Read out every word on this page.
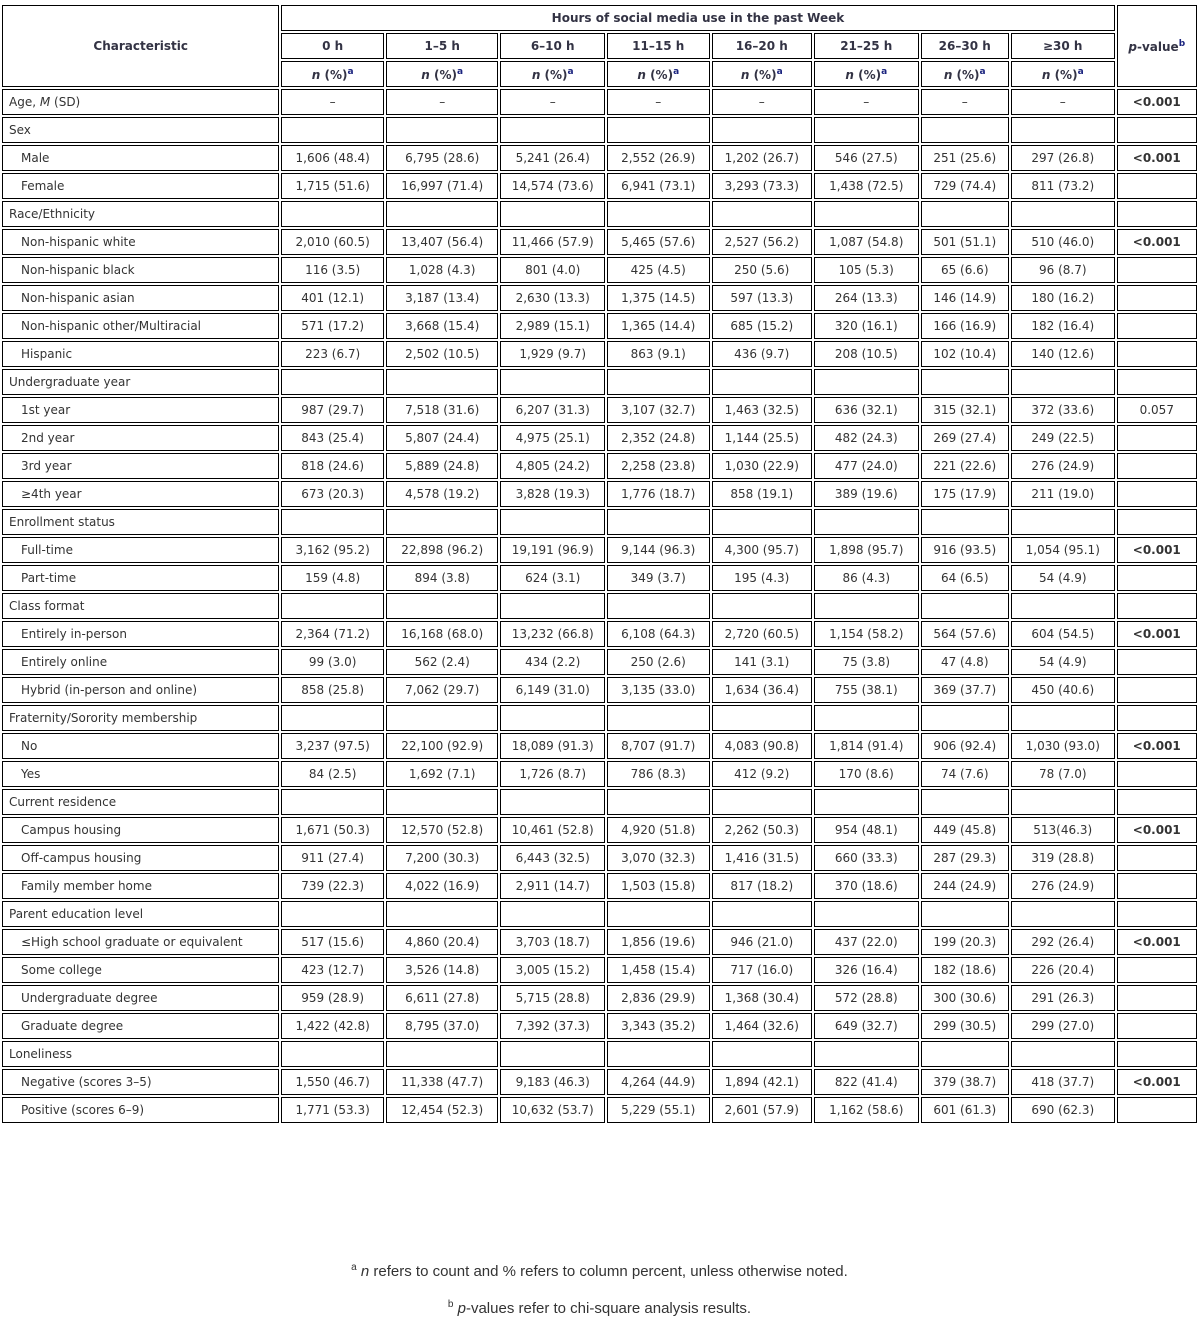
Characteristic	Hours of social media use in the past Week								p-value$^b$
	0 h	1–5 h	6–10 h	11–15 h	16–20 h	21–25 h	26–30 h	≥30 h	
	n (%)$^a$	n (%)$^a$	n (%)$^a$	n (%)$^a$	n (%)$^a$	n (%)$^a$	n (%)$^a$	n (%)$^a$
Age, M (SD)	–	–	–	–	–	–	–	–	<0.001
Sex									
Male	1,606 (48.4)	6,795 (28.6)	5,241 (26.4)	2,552 (26.9)	1,202 (26.7)	546 (27.5)	251 (25.6)	297 (26.8)	<0.001
Female	1,715 (51.6)	16,997 (71.4)	14,574 (73.6)	6,941 (73.1)	3,293 (73.3)	1,438 (72.5)	729 (74.4)	811 (73.2)	
Race/Ethnicity									
Non-hispanic white	2,010 (60.5)	13,407 (56.4)	11,466 (57.9)	5,465 (57.6)	2,527 (56.2)	1,087 (54.8)	501 (51.1)	510 (46.0)	<0.001
Non-hispanic black	116 (3.5)	1,028 (4.3)	801 (4.0)	425 (4.5)	250 (5.6)	105 (5.3)	65 (6.6)	96 (8.7)	
Non-hispanic asian	401 (12.1)	3,187 (13.4)	2,630 (13.3)	1,375 (14.5)	597 (13.3)	264 (13.3)	146 (14.9)	180 (16.2)	
Non-hispanic other/Multiracial	571 (17.2)	3,668 (15.4)	2,989 (15.1)	1,365 (14.4)	685 (15.2)	320 (16.1)	166 (16.9)	182 (16.4)	
Hispanic	223 (6.7)	2,502 (10.5)	1,929 (9.7)	863 (9.1)	436 (9.7)	208 (10.5)	102 (10.4)	140 (12.6)	
Undergraduate year									
1st year	987 (29.7)	7,518 (31.6)	6,207 (31.3)	3,107 (32.7)	1,463 (32.5)	636 (32.1)	315 (32.1)	372 (33.6)	0.057
2nd year	843 (25.4)	5,807 (24.4)	4,975 (25.1)	2,352 (24.8)	1,144 (25.5)	482 (24.3)	269 (27.4)	249 (22.5)	
3rd year	818 (24.6)	5,889 (24.8)	4,805 (24.2)	2,258 (23.8)	1,030 (22.9)	477 (24.0)	221 (22.6)	276 (24.9)	
≥4th year	673 (20.3)	4,578 (19.2)	3,828 (19.3)	1,776 (18.7)	858 (19.1)	389 (19.6)	175 (17.9)	211 (19.0)	
Enrollment status									
Full-time	3,162 (95.2)	22,898 (96.2)	19,191 (96.9)	9,144 (96.3)	4,300 (95.7)	1,898 (95.7)	916 (93.5)	1,054 (95.1)	<0.001
Part-time	159 (4.8)	894 (3.8)	624 (3.1)	349 (3.7)	195 (4.3)	86 (4.3)	64 (6.5)	54 (4.9)	
Class format									
Entirely in-person	2,364 (71.2)	16,168 (68.0)	13,232 (66.8)	6,108 (64.3)	2,720 (60.5)	1,154 (58.2)	564 (57.6)	604 (54.5)	<0.001
Entirely online	99 (3.0)	562 (2.4)	434 (2.2)	250 (2.6)	141 (3.1)	75 (3.8)	47 (4.8)	54 (4.9)	
Hybrid (in-person and online)	858 (25.8)	7,062 (29.7)	6,149 (31.0)	3,135 (33.0)	1,634 (36.4)	755 (38.1)	369 (37.7)	450 (40.6)	
Fraternity/Sorority membership									
No	3,237 (97.5)	22,100 (92.9)	18,089 (91.3)	8,707 (91.7)	4,083 (90.8)	1,814 (91.4)	906 (92.4)	1,030 (93.0)	<0.001
Yes	84 (2.5)	1,692 (7.1)	1,726 (8.7)	786 (8.3)	412 (9.2)	170 (8.6)	74 (7.6)	78 (7.0)	
Current residence									
Campus housing	1,671 (50.3)	12,570 (52.8)	10,461 (52.8)	4,920 (51.8)	2,262 (50.3)	954 (48.1)	449 (45.8)	513(46.3)	<0.001
Off-campus housing	911 (27.4)	7,200 (30.3)	6,443 (32.5)	3,070 (32.3)	1,416 (31.5)	660 (33.3)	287 (29.3)	319 (28.8)	
Family member home	739 (22.3)	4,022 (16.9)	2,911 (14.7)	1,503 (15.8)	817 (18.2)	370 (18.6)	244 (24.9)	276 (24.9)	
Parent education level									
≤High school graduate or equivalent	517 (15.6)	4,860 (20.4)	3,703 (18.7)	1,856 (19.6)	946 (21.0)	437 (22.0)	199 (20.3)	292 (26.4)	<0.001
Some college	423 (12.7)	3,526 (14.8)	3,005 (15.2)	1,458 (15.4)	717 (16.0)	326 (16.4)	182 (18.6)	226 (20.4)	
Undergraduate degree	959 (28.9)	6,611 (27.8)	5,715 (28.8)	2,836 (29.9)	1,368 (30.4)	572 (28.8)	300 (30.6)	291 (26.3)	
Graduate degree	1,422 (42.8)	8,795 (37.0)	7,392 (37.3)	3,343 (35.2)	1,464 (32.6)	649 (32.7)	299 (30.5)	299 (27.0)	
Loneliness									
Negative (scores 3–5)	1,550 (46.7)	11,338 (47.7)	9,183 (46.3)	4,264 (44.9)	1,894 (42.1)	822 (41.4)	379 (38.7)	418 (37.7)	<0.001
Positive (scores 6–9)	1,771 (53.3)	12,454 (52.3)	10,632 (53.7)	5,229 (55.1)	2,601 (57.9)	1,162 (58.6)	601 (61.3)	690 (62.3)	
$^a$ n refers to count and % refers to column percent, unless otherwise noted.
$^b$ p-values refer to chi-square analysis results.
